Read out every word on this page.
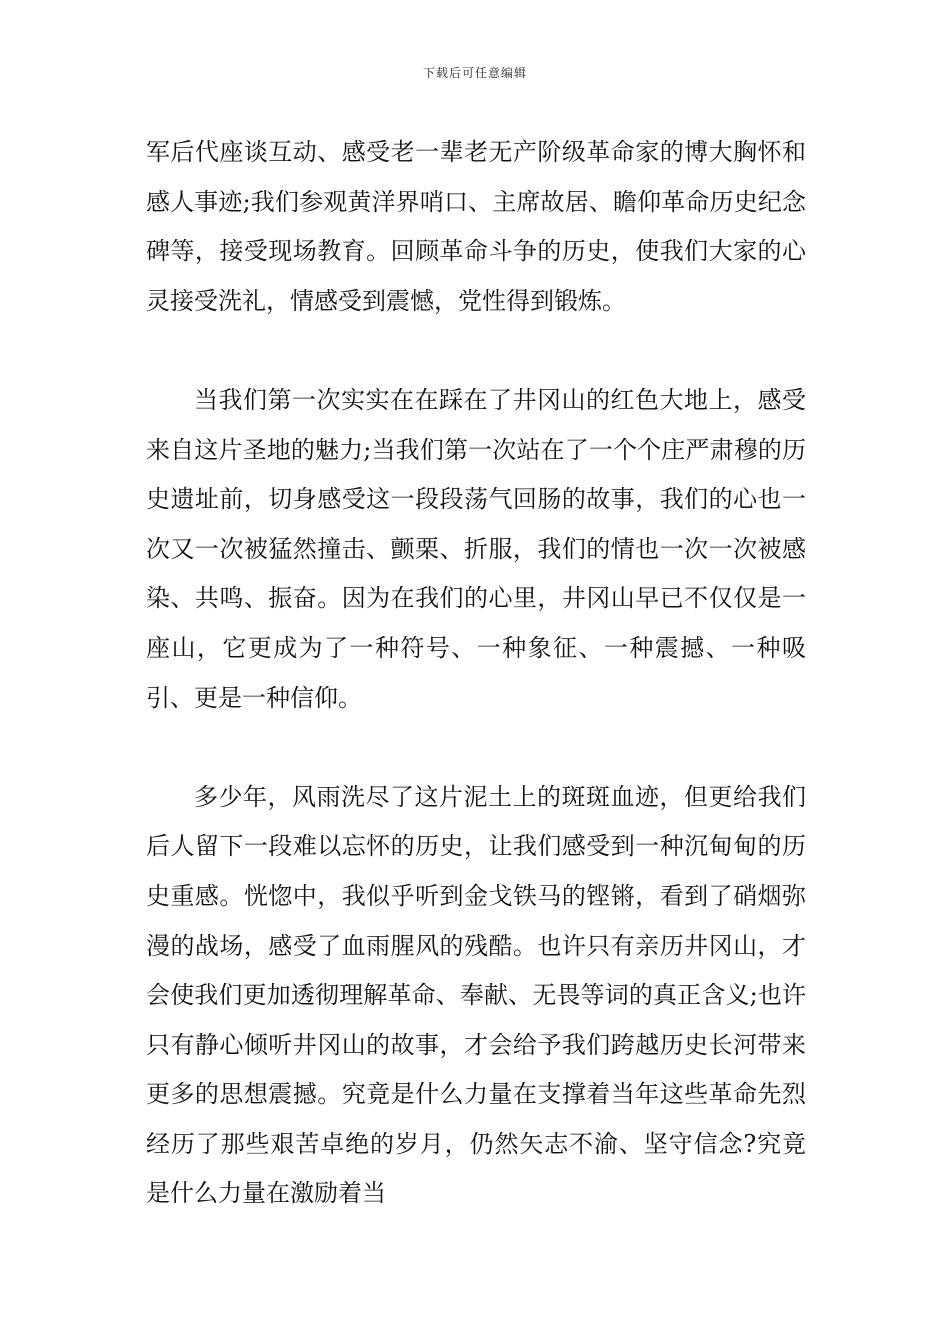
下载后可任意编辑

军后代座谈互动、感受老一辈老无产阶级革命家的博大胸怀和感人事迹;我们参观黄洋界哨口、主席故居、瞻仰革命历史纪念碑等，接受现场教育。回顾革命斗争的历史，使我们大家的心灵接受洗礼，情感受到震憾，党性得到锻炼。

当我们第一次实实在在踩在了井冈山的红色大地上，感受来自这片圣地的魅力;当我们第一次站在了一个个庄严肃穆的历史遗址前，切身感受这一段段荡气回肠的故事，我们的心也一次又一次被猛然撞击、颤栗、折服，我们的情也一次一次被感染、共鸣、振奋。因为在我们的心里，井冈山早已不仅仅是一座山，它更成为了一种符号、一种象征、一种震撼、一种吸引、更是一种信仰。

多少年，风雨洗尽了这片泥土上的斑斑血迹，但更给我们后人留下一段难以忘怀的历史，让我们感受到一种沉甸甸的历史重感。恍惚中，我似乎听到金戈铁马的铿锵，看到了硝烟弥漫的战场，感受了血雨腥风的残酷。也许只有亲历井冈山，才会使我们更加透彻理解革命、奉献、无畏等词的真正含义;也许只有静心倾听井冈山的故事，才会给予我们跨越历史长河带来更多的思想震撼。究竟是什么力量在支撑着当年这些革命先烈经历了那些艰苦卓绝的岁月，仍然矢志不渝、坚守信念?究竟是什么力量在激励着当
